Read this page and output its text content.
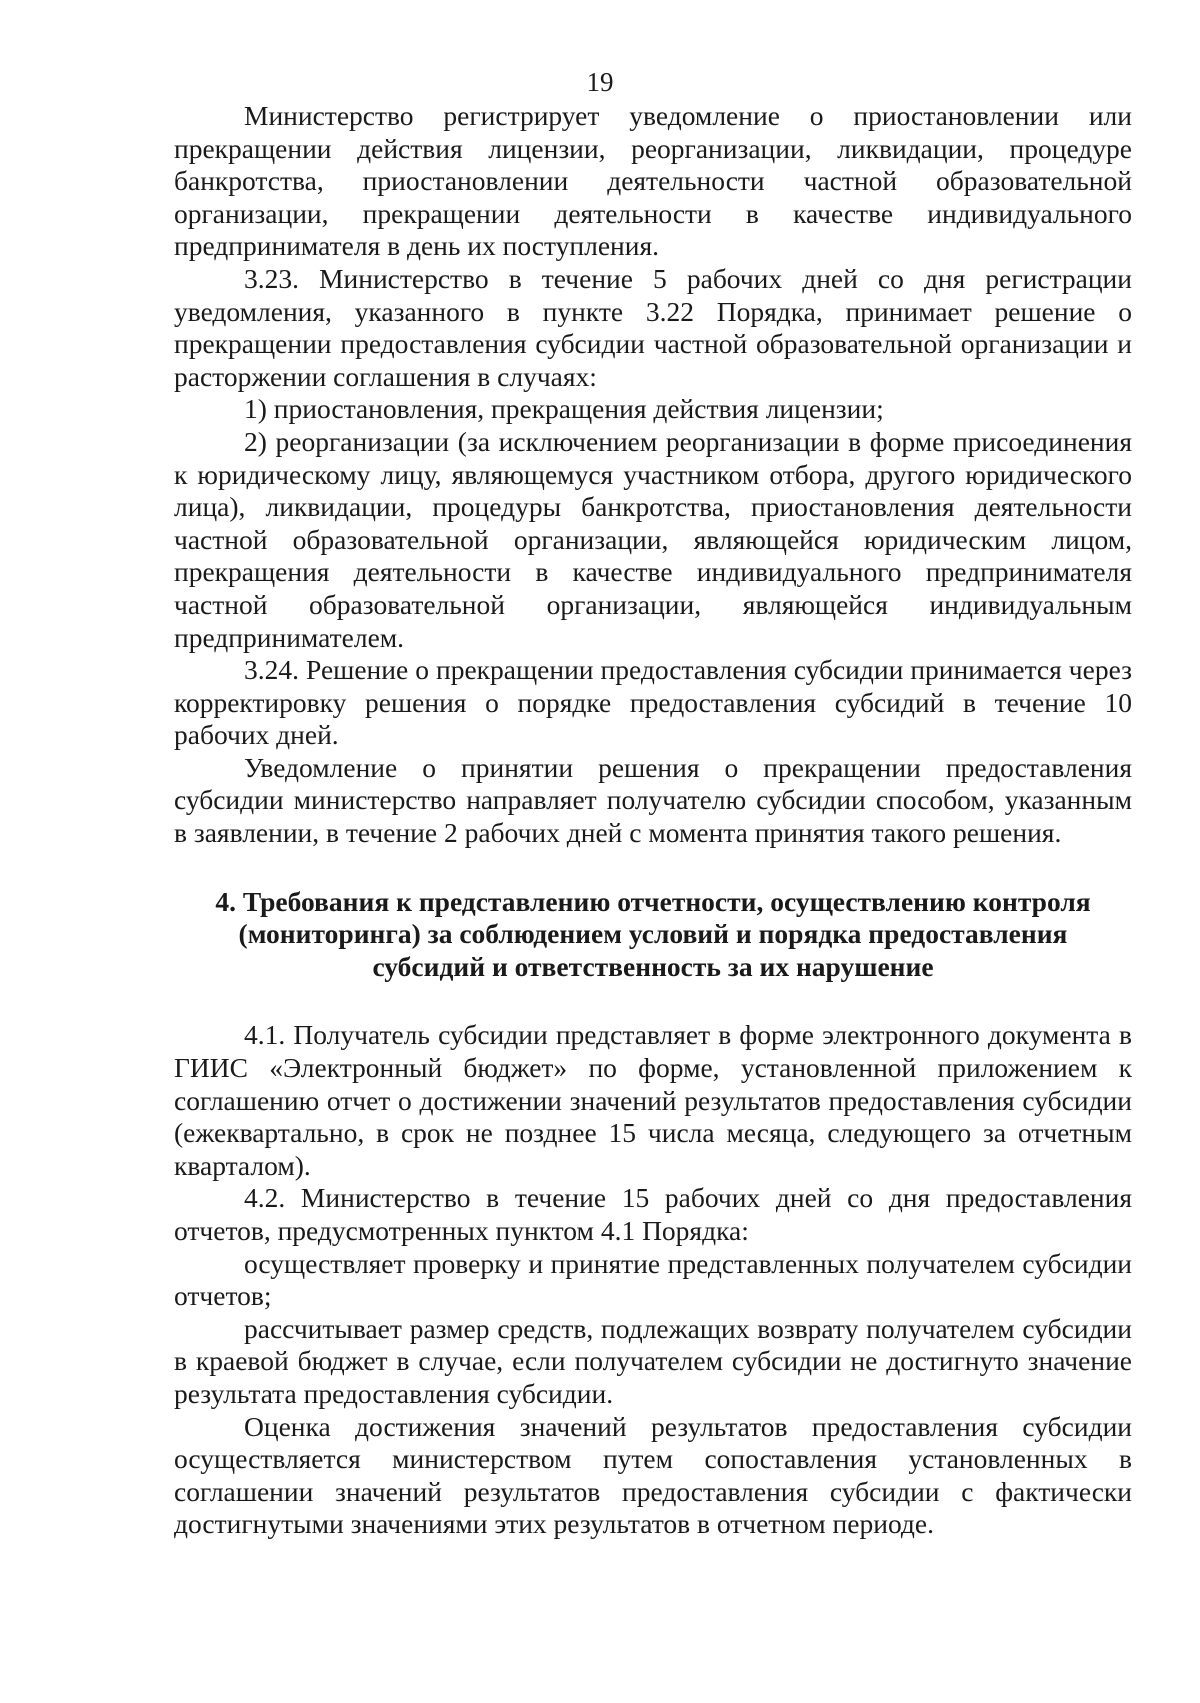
19

Министерство регистрирует уведомление о приостановлении или прекращении действия лицензии, реорганизации, ликвидации, процедуре банкротства, приостановлении деятельности частной образовательной организации, прекращении деятельности в качестве индивидуального предпринимателя в день их поступления.

3.23. Министерство в течение 5 рабочих дней со дня регистрации уведомления, указанного в пункте 3.22 Порядка, принимает решение о прекращении предоставления субсидии частной образовательной организации и расторжении соглашения в случаях:

1) приостановления, прекращения действия лицензии;

2) реорганизации (за исключением реорганизации в форме присоединения к юридическому лицу, являющемуся участником отбора, другого юридического лица), ликвидации, процедуры банкротства, приостановления деятельности частной образовательной организации, являющейся юридическим лицом, прекращения деятельности в качестве индивидуального предпринимателя частной образовательной организации, являющейся индивидуальным предпринимателем.

3.24. Решение о прекращении предоставления субсидии принимается через корректировку решения о порядке предоставления субсидий в течение 10 рабочих дней.

Уведомление о принятии решения о прекращении предоставления субсидии министерство направляет получателю субсидии способом, указанным в заявлении, в течение 2 рабочих дней с момента принятия такого решения.

4. Требования к представлению отчетности, осуществлению контроля
(мониторинга) за соблюдением условий и порядка предоставления
субсидий и ответственность за их нарушение

4.1. Получатель субсидии представляет в форме электронного документа в ГИИС «Электронный бюджет» по форме, установленной приложением к соглашению отчет о достижении значений результатов предоставления субсидии (ежеквартально, в срок не позднее 15 числа месяца, следующего за отчетным кварталом).

4.2. Министерство в течение 15 рабочих дней со дня предоставления отчетов, предусмотренных пунктом 4.1 Порядка:

осуществляет проверку и принятие представленных получателем субсидии отчетов;

рассчитывает размер средств, подлежащих возврату получателем субсидии в краевой бюджет в случае, если получателем субсидии не достигнуто значение результата предоставления субсидии.

Оценка достижения значений результатов предоставления субсидии осуществляется министерством путем сопоставления установленных в соглашении значений результатов предоставления субсидии с фактически достигнутыми значениями этих результатов в отчетном периоде.
